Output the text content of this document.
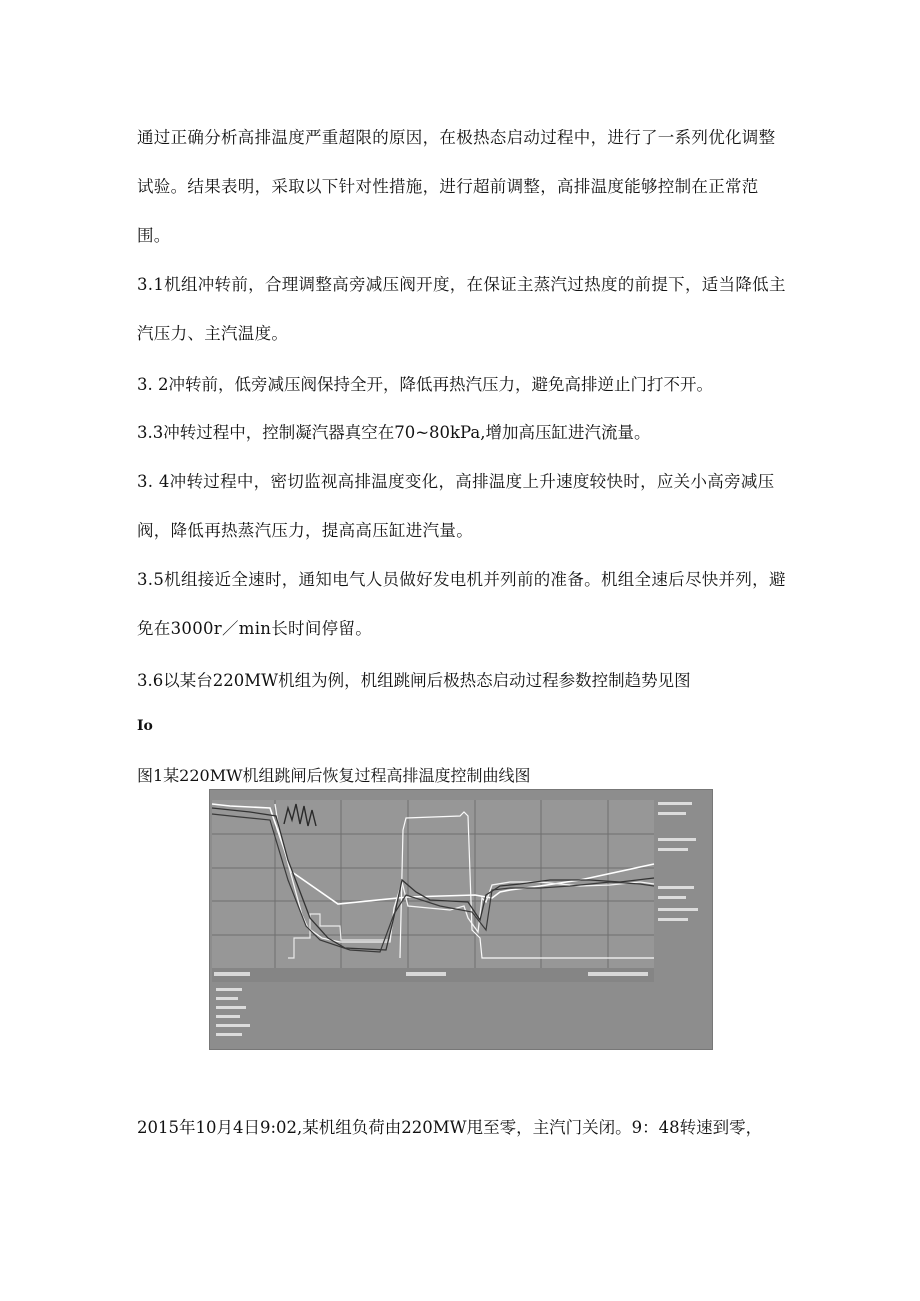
通过正确分析高排温度严重超限的原因，在极热态启动过程中，进行了一系列优化调整试验。结果表明，采取以下针对性措施，进行超前调整，高排温度能够控制在正常范围。

3.1机组冲转前，合理调整高旁减压阀开度，在保证主蒸汽过热度的前提下，适当降低主汽压力、主汽温度。

3. 2冲转前，低旁减压阀保持全开，降低再热汽压力，避免高排逆止门打不开。

3.3冲转过程中，控制凝汽器真空在70~80kPa,增加高压缸进汽流量。

3. 4冲转过程中，密切监视高排温度变化，高排温度上升速度较快时，应关小高旁减压阀，降低再热蒸汽压力，提高高压缸进汽量。

3.5机组接近全速时，通知电气人员做好发电机并列前的准备。机组全速后尽快并列，避免在3000r／min长时间停留。

3.6以某台220MW机组为例，机组跳闸后极热态启动过程参数控制趋势见图

Io

图1某220MW机组跳闸后恢复过程高排温度控制曲线图

2015年10月4日9:02,某机组负荷由220MW甩至零，主汽门关闭。9：48转速到零，
